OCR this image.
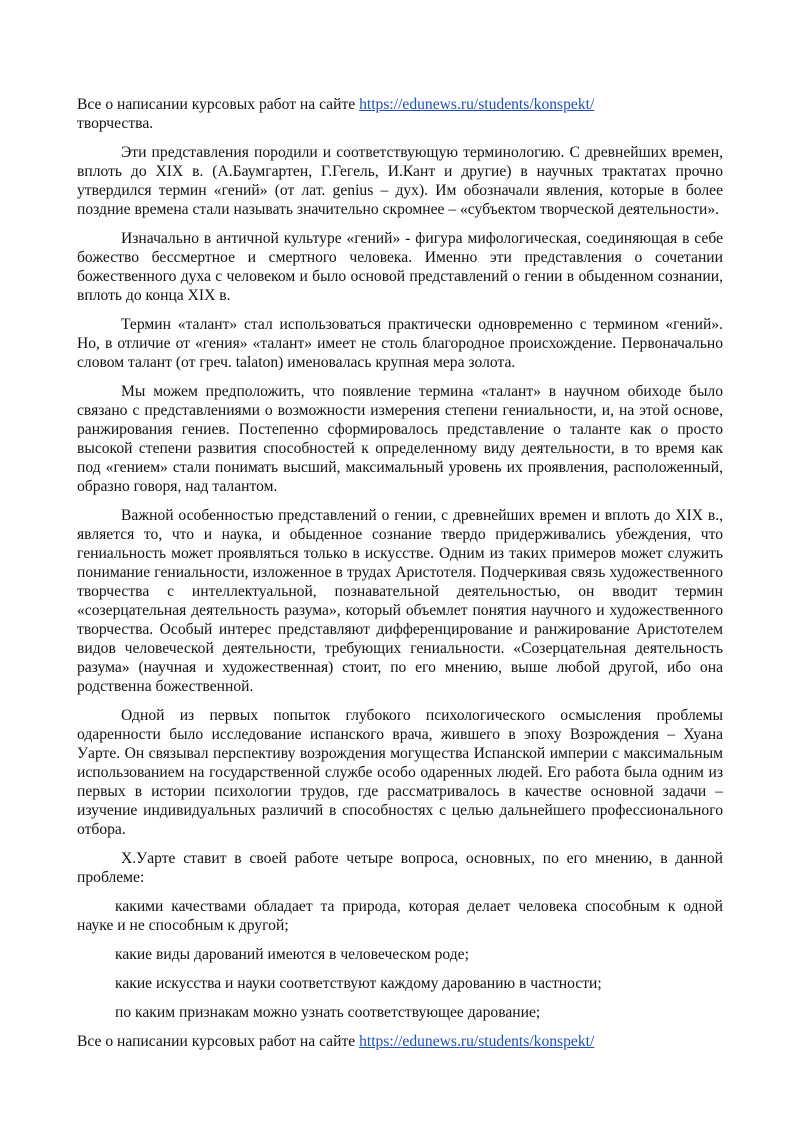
Все о написании курсовых работ на сайте https://edunews.ru/students/konspekt/

творчества.

Эти представления породили и соответствующую терминологию. С древнейших времен, вплоть до XIX в. (А.Баумгартен, Г.Гегель, И.Кант и другие) в научных трактатах прочно утвердился термин «гений» (от лат. genius – дух). Им обозначали явления, которые в более поздние времена стали называть значительно скромнее – «субъектом творческой деятельности».

Изначально в античной культуре «гений» - фигура мифологическая, соединяющая в себе божество бессмертное и смертного человека. Именно эти представления о сочетании божественного духа с человеком и было основой представлений о гении в обыденном сознании, вплоть до конца XIX в.

Термин «талант» стал использоваться практически одновременно с термином «гений». Но, в отличие от «гения» «талант» имеет не столь благородное происхождение. Первоначально словом талант (от греч. talaton) именовалась крупная мера золота.

Мы можем предположить, что появление термина «талант» в научном обиходе было связано с представлениями о возможности измерения степени гениальности, и, на этой основе, ранжирования гениев. Постепенно сформировалось представление о таланте как о просто высокой степени развития способностей к определенному виду деятельности, в то время как под «гением» стали понимать высший, максимальный уровень их проявления, расположенный, образно говоря, над талантом.

Важной особенностью представлений о гении, с древнейших времен и вплоть до XIX в., является то, что и наука, и обыденное сознание твердо придерживались убеждения, что гениальность может проявляться только в искусстве. Одним из таких примеров может служить понимание гениальности, изложенное в трудах Аристотеля. Подчеркивая связь художественного творчества с интеллектуальной, познавательной деятельностью, он вводит термин «созерцательная деятельность разума», который объемлет понятия научного и художественного творчества. Особый интерес представляют дифференцирование и ранжирование Аристотелем видов человеческой деятельности, требующих гениальности. «Созерцательная деятельность разума» (научная и художественная) стоит, по его мнению, выше любой другой, ибо она родственна божественной.

Одной из первых попыток глубокого психологического осмысления проблемы одаренности было исследование испанского врача, жившего в эпоху Возрождения – Хуана Уарте. Он связывал перспективу возрождения могущества Испанской империи с максимальным использованием на государственной службе особо одаренных людей. Его работа была одним из первых в истории психологии трудов, где рассматривалось в качестве основной задачи – изучение индивидуальных различий в способностях с целью дальнейшего профессионального отбора.

Х.Уарте ставит в своей работе четыре вопроса, основных, по его мнению, в данной проблеме:

какими качествами обладает та природа, которая делает человека способным к одной науке и не способным к другой;

какие виды дарований имеются в человеческом роде;

какие искусства и науки соответствуют каждому дарованию в частности;

по каким признакам можно узнать соответствующее дарование;

Все о написании курсовых работ на сайте https://edunews.ru/students/konspekt/
